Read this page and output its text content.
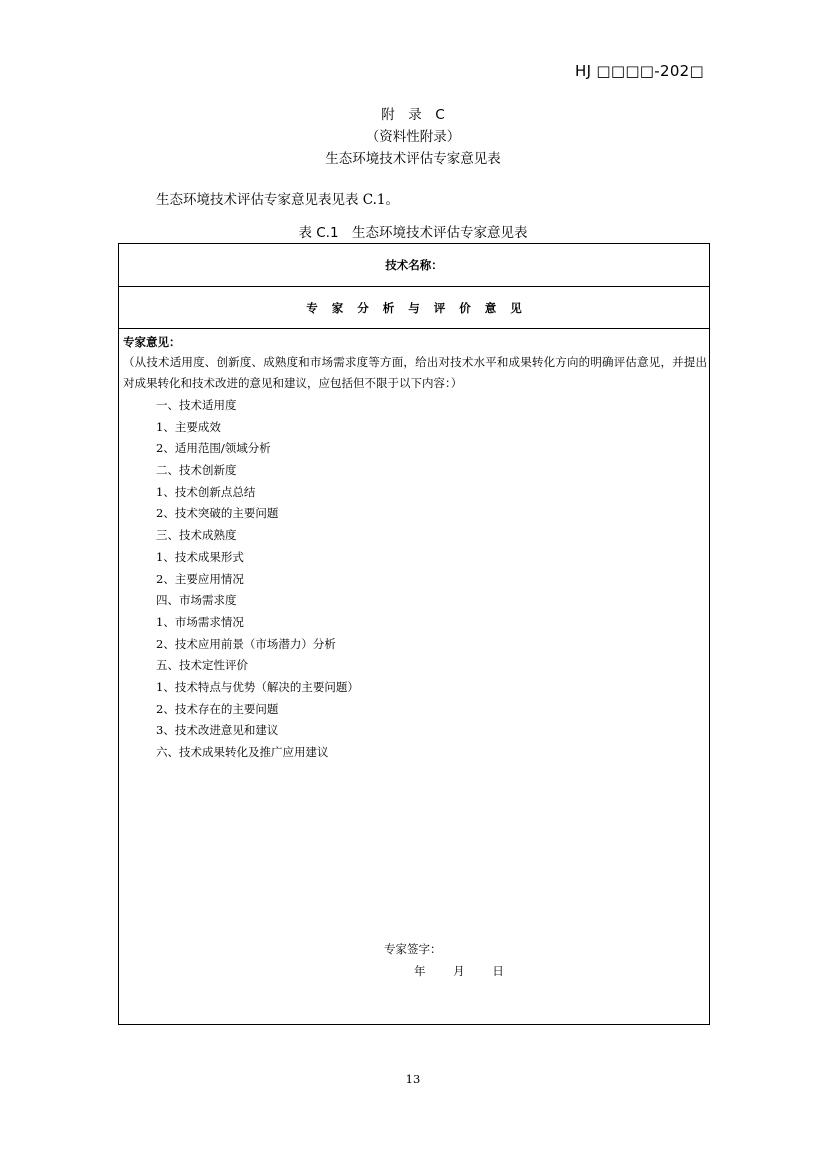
HJ □□□□-202□
附　录　C
（资料性附录）
生态环境技术评估专家意见表
生态环境技术评估专家意见表见表 C.1。
表 C.1　生态环境技术评估专家意见表
技术名称：
专家分析与评价意见
专家意见：
（从技术适用度、创新度、成熟度和市场需求度等方面，给出对技术水平和成果转化方向的明确评估意见，并提出对成果转化和技术改进的意见和建议，应包括但不限于以下内容：）
一、技术适用度
1、主要成效
2、适用范围/领域分析
二、技术创新度
1、技术创新点总结
2、技术突破的主要问题
三、技术成熟度
1、技术成果形式
2、主要应用情况
四、市场需求度
1、市场需求情况
2、技术应用前景（市场潜力）分析
五、技术定性评价
1、技术特点与优势（解决的主要问题）
2、技术存在的主要问题
3、技术改进意见和建议
六、技术成果转化及推广应用建议
专家签字：
年 月 日
13
